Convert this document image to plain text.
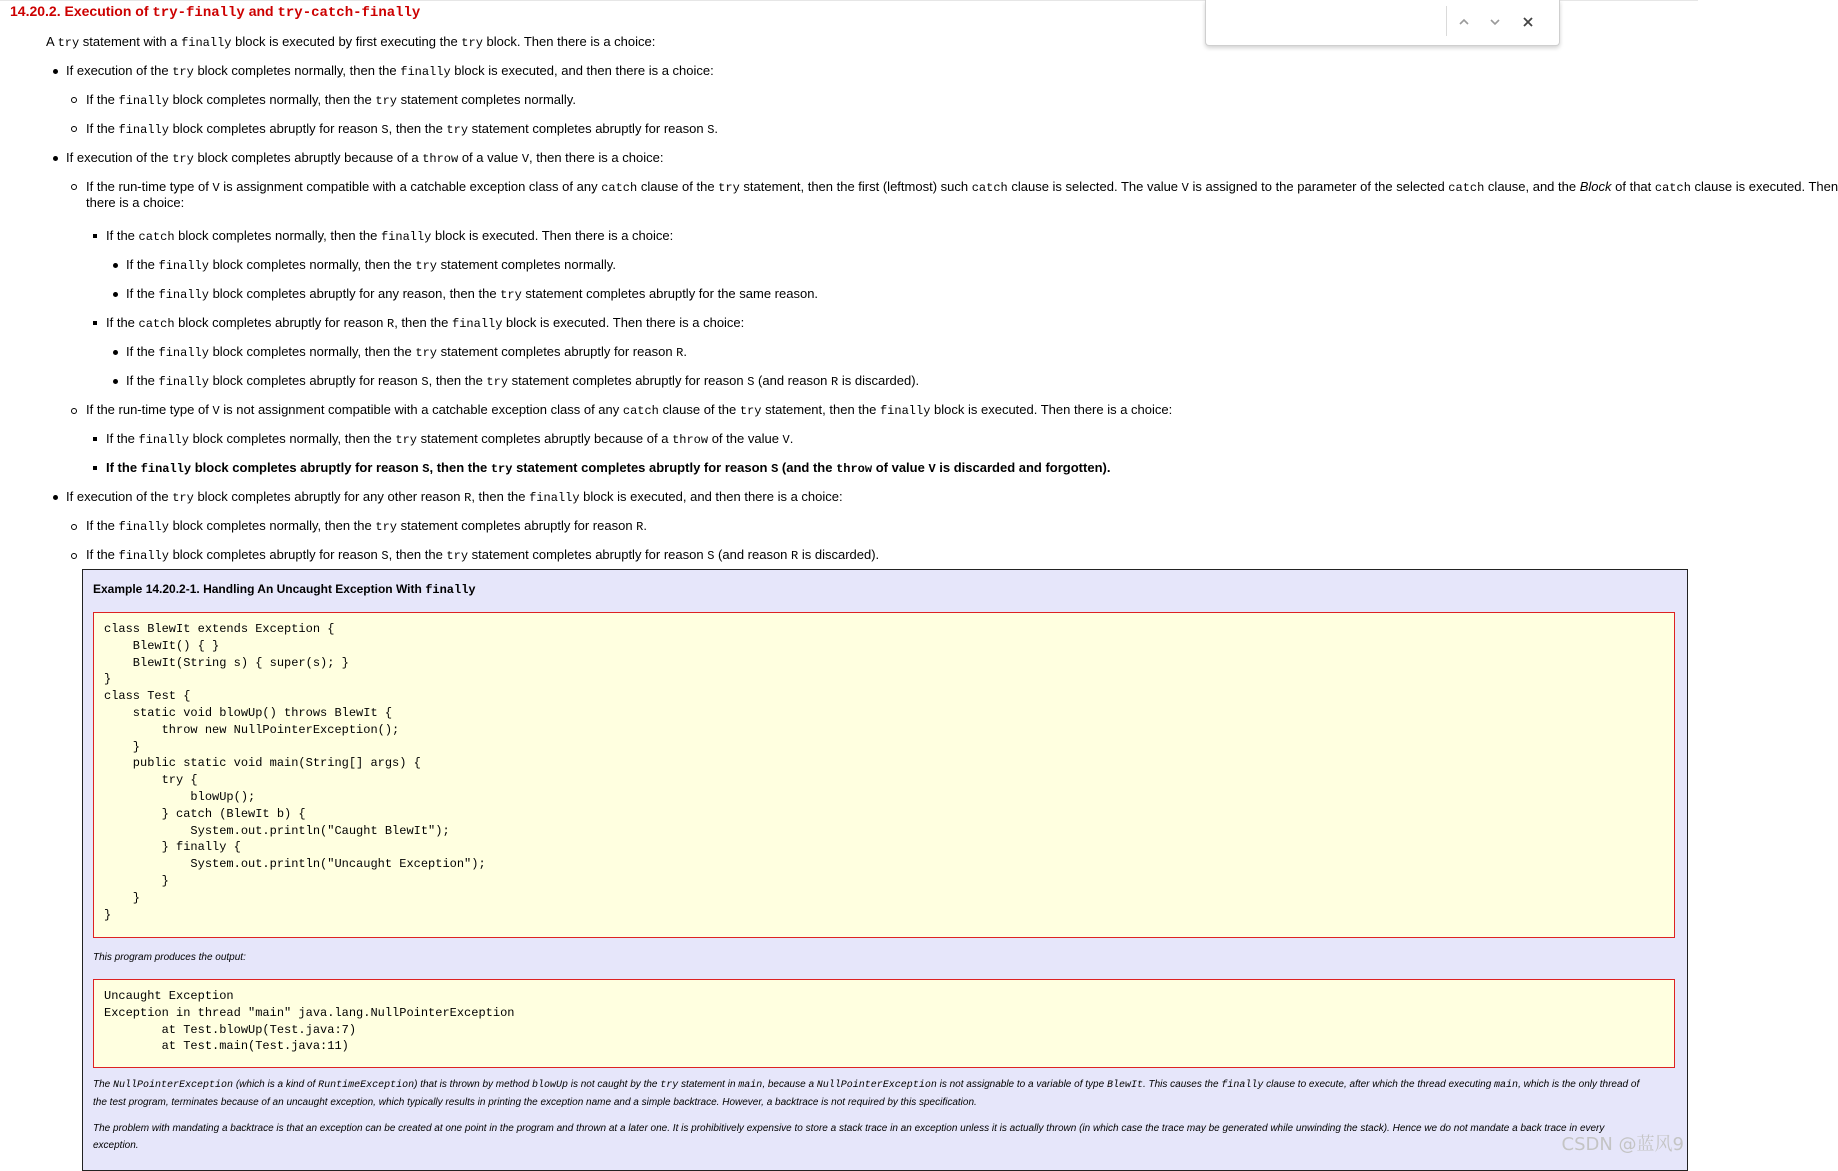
14.20.2. Execution of try-finally and try-catch-finally
A try statement with a finally block is executed by first executing the try block. Then there is a choice:
If execution of the try block completes normally, then the finally block is executed, and then there is a choice:
If the finally block completes normally, then the try statement completes normally.
If the finally block completes abruptly for reason S, then the try statement completes abruptly for reason S.
If execution of the try block completes abruptly because of a throw of a value V, then there is a choice:
If the run-time type of V is assignment compatible with a catchable exception class of any catch clause of the try statement, then the first (leftmost) such catch clause is selected. The value V is assigned to the parameter of the selected catch clause, and the Block of that catch clause is executed. Then
there is a choice:
If the catch block completes normally, then the finally block is executed. Then there is a choice:
If the finally block completes normally, then the try statement completes normally.
If the finally block completes abruptly for any reason, then the try statement completes abruptly for the same reason.
If the catch block completes abruptly for reason R, then the finally block is executed. Then there is a choice:
If the finally block completes normally, then the try statement completes abruptly for reason R.
If the finally block completes abruptly for reason S, then the try statement completes abruptly for reason S (and reason R is discarded).
If the run-time type of V is not assignment compatible with a catchable exception class of any catch clause of the try statement, then the finally block is executed. Then there is a choice:
If the finally block completes normally, then the try statement completes abruptly because of a throw of the value V.
If the finally block completes abruptly for reason S, then the try statement completes abruptly for reason S (and the throw of value V is discarded and forgotten).
If execution of the try block completes abruptly for any other reason R, then the finally block is executed, and then there is a choice:
If the finally block completes normally, then the try statement completes abruptly for reason R.
If the finally block completes abruptly for reason S, then the try statement completes abruptly for reason S (and reason R is discarded).
Example 14.20.2-1. Handling An Uncaught Exception With finally
class BlewIt extends Exception {
BlewIt() { }
BlewIt(String s) { super(s); }
}
class Test {
static void blowUp() throws BlewIt {
throw new NullPointerException();
}
public static void main(String[] args) {
try {
blowUp();
} catch (BlewIt b) {
System.out.println("Caught BlewIt");
} finally {
System.out.println("Uncaught Exception");
}
}
}
This program produces the output:
Uncaught Exception
Exception in thread "main" java.lang.NullPointerException
at Test.blowUp(Test.java:7)
at Test.main(Test.java:11)
The NullPointerException (which is a kind of RuntimeException) that is thrown by method blowUp is not caught by the try statement in main, because a NullPointerException is not assignable to a variable of type BlewIt. This causes the finally clause to execute, after which the thread executing main, which is the only thread of
the test program, terminates because of an uncaught exception, which typically results in printing the exception name and a simple backtrace. However, a backtrace is not required by this specification.
The problem with mandating a backtrace is that an exception can be created at one point in the program and thrown at a later one. It is prohibitively expensive to store a stack trace in an exception unless it is actually thrown (in which case the trace may be generated while unwinding the stack). Hence we do not mandate a back trace in every
exception.	CSDN @蓝风9
